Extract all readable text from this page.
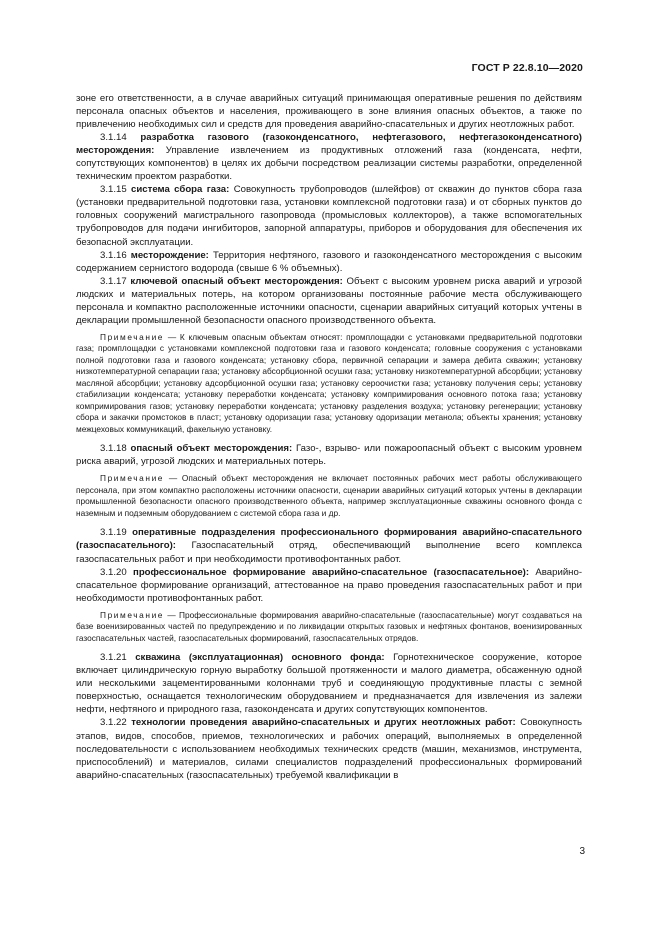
ГОСТ Р 22.8.10—2020

зоне его ответственности, а в случае аварийных ситуаций принимающая оперативные решения по действиям персонала опасных объектов и населения, проживающего в зоне влияния опасных объектов, а также по привлечению необходимых сил и средств для проведения аварийно-спасательных и других неотложных работ.

3.1.14 разработка газового (газоконденсатного, нефтегазового, нефтегазоконденсатного) месторождения: Управление извлечением из продуктивных отложений газа (конденсата, нефти, сопутствующих компонентов) в целях их добычи посредством реализации системы разработки, определенной техническим проектом разработки.

3.1.15 система сбора газа: Совокупность трубопроводов (шлейфов) от скважин до пунктов сбора газа (установки предварительной подготовки газа, установки комплексной подготовки газа) и от сборных пунктов до головных сооружений магистрального газопровода (промысловых коллекторов), а также вспомогательных трубопроводов для подачи ингибиторов, запорной аппаратуры, приборов и оборудования для обеспечения их безопасной эксплуатации.

3.1.16 месторождение: Территория нефтяного, газового и газоконденсатного месторождения с высоким содержанием сернистого водорода (свыше 6 % объемных).

3.1.17 ключевой опасный объект месторождения: Объект с высоким уровнем риска аварий и угрозой людских и материальных потерь, на котором организованы постоянные рабочие места обслуживающего персонала и компактно расположенные источники опасности, сценарии аварийных ситуаций которых учтены в декларации промышленной безопасности опасного производственного объекта.

Примечание — К ключевым опасным объектам относят: промплощадки с установками предварительной подготовки газа; промплощадки с установками комплексной подготовки газа и газового конденсата; головные сооружения с установками полной подготовки газа и газового конденсата; установку сбора, первичной сепарации и замера дебита скважин; установку низкотемпературной сепарации газа; установку абсорбционной осушки газа; установку низкотемпературной абсорбции; установку масляной абсорбции; установку адсорбционной осушки газа; установку сероочистки газа; установку получения серы; установку стабилизации конденсата; установку переработки конденсата; установку компримирования основного потока газа; установку компримирования газов; установку переработки конденсата; установку разделения воздуха; установку регенерации; установку сбора и закачки промстоков в пласт; установку одоризации газа; установку одоризации метанола; объекты хранения; установку межцеховых коммуникаций, факельную установку.

3.1.18 опасный объект месторождения: Газо-, взрыво- или пожароопасный объект с высоким уровнем риска аварий, угрозой людских и материальных потерь.

Примечание — Опасный объект месторождения не включает постоянных рабочих мест работы обслуживающего персонала, при этом компактно расположены источники опасности, сценарии аварийных ситуаций которых учтены в декларации промышленной безопасности опасного производственного объекта, например эксплуатационные скважины основного фонда с наземным и подземным оборудованием с системой сбора газа и др.

3.1.19 оперативные подразделения профессионального формирования аварийно-спасательного (газоспасательного): Газоспасательный отряд, обеспечивающий выполнение всего комплекса газоспасательных работ и при необходимости противофонтанных работ.

3.1.20 профессиональное формирование аварийно-спасательное (газоспасательное): Аварийно-спасательное формирование организаций, аттестованное на право проведения газоспасательных работ и при необходимости противофонтанных работ.

Примечание — Профессиональные формирования аварийно-спасательные (газоспасательные) могут создаваться на базе военизированных частей по предупреждению и по ликвидации открытых газовых и нефтяных фонтанов, военизированных газоспасательных частей, газоспасательных формирований, газоспасательных отрядов.

3.1.21 скважина (эксплуатационная) основного фонда: Горнотехническое сооружение, которое включает цилиндрическую горную выработку большой протяженности и малого диаметра, обсаженную одной или несколькими зацементированными колоннами труб и соединяющую продуктивные пласты с земной поверхностью, оснащается технологическим оборудованием и предназначается для извлечения из залежи нефти, нефтяного и природного газа, газоконденсата и других сопутствующих компонентов.

3.1.22 технологии проведения аварийно-спасательных и других неотложных работ: Совокупность этапов, видов, способов, приемов, технологических и рабочих операций, выполняемых в определенной последовательности с использованием необходимых технических средств (машин, механизмов, инструмента, приспособлений) и материалов, силами специалистов подразделений профессиональных формирований аварийно-спасательных (газоспасательных) требуемой квалификации в

3
